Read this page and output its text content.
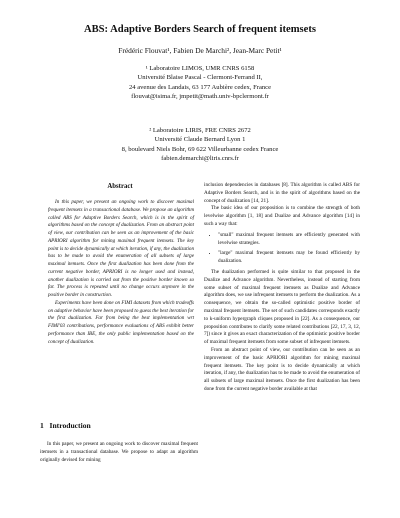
ABS: Adaptive Borders Search of frequent itemsets
Frédéric Flouvat¹, Fabien De Marchi², Jean-Marc Petit¹
¹ Laboratoire LIMOS, UMR CNRS 6158
Université Blaise Pascal - Clermont-Ferrand II,
24 avenue des Landais, 63 177 Aubière cedex, France
flouvat@isima.fr, jmpetit@math.univ-bpclermont.fr
² Laboratoire LIRIS, FRE CNRS 2672
Université Claude Bernard Lyon 1
8, boulevard Niels Bohr, 69 622 Villeurbanne cedex France
fabien.demarchi@liris.cnrs.fr
Abstract

In this paper, we present an ongoing work to discover maximal frequent itemsets in a transactional database. We propose an algorithm called ABS for Adaptive Borders Search, which is in the spirit of algorithms based on the concept of dualization. From an abstract point of view, our contribution can be seen as an improvement of the basic APRIORI algorithm for mining maximal frequent itemsets. The key point is to decide dynamically at which iteration, if any, the dualization has to be made to avoid the enumeration of all subsets of large maximal itemsets. Once the first dualization has been done from the current negative border, APRIORI is no longer used and instead, another dualization is carried out from the positive border known so far. The process is repeated until no change occurs anymore in the positive border in construction.

Experiments have been done on FIMI datasets from which tradeoffs on adaptive behavior have been proposed to guess the best iteration for the first dualization. Far from being the best implementation wrt FIMI'03 contributions, performance evaluations of ABS exhibit better performance than IBE, the only public implementation based on the concept of dualization.

1 Introduction

In this paper, we present an ongoing work to discover maximal frequent itemsets in a transactional database. We propose to adapt an algorithm originally devised for mining

inclusion dependencies in databases [8]. This algorithm is called ABS for Adaptive Borders Search, and is in the spirit of algorithms based on the concept of dualization [14, 21].

The basic idea of our proposition is to combine the strength of both levelwise algorithm [1, 18] and Dualize and Advance algorithm [14] in such a way that:

• "small" maximal frequent itemsets are efficiently generated with levelwise strategies.
• "large" maximal frequent itemsets may be found efficiently by dualization.

The dualization performed is quite similar to that proposed in the Dualize and Advance algorithm. Nevertheless, instead of starting from some subset of maximal frequent itemsets as Dualize and Advance algorithm does, we use infrequent itemsets to perform the dualization. As a consequence, we obtain the so-called optimistic positive border of maximal frequent itemsets. The set of such candidates corresponds exactly to k-uniform hypergraph cliques proposed in [22]. As a consequence, our proposition contributes to clarify some related contributions [22, 17, 3, 12, 7]) since it gives an exact characterization of the optimistic positive border of maximal frequent itemsets from some subset of infrequent itemsets.

From an abstract point of view, our contribution can be seen as an improvement of the basic APRIORI algorithm for mining maximal frequent itemsets. The key point is to decide dynamically at which iteration, if any, the dualization has to be made to avoid the enumeration of all subsets of large maximal itemsets. Once the first dualization has been done from the current negative border available at that
